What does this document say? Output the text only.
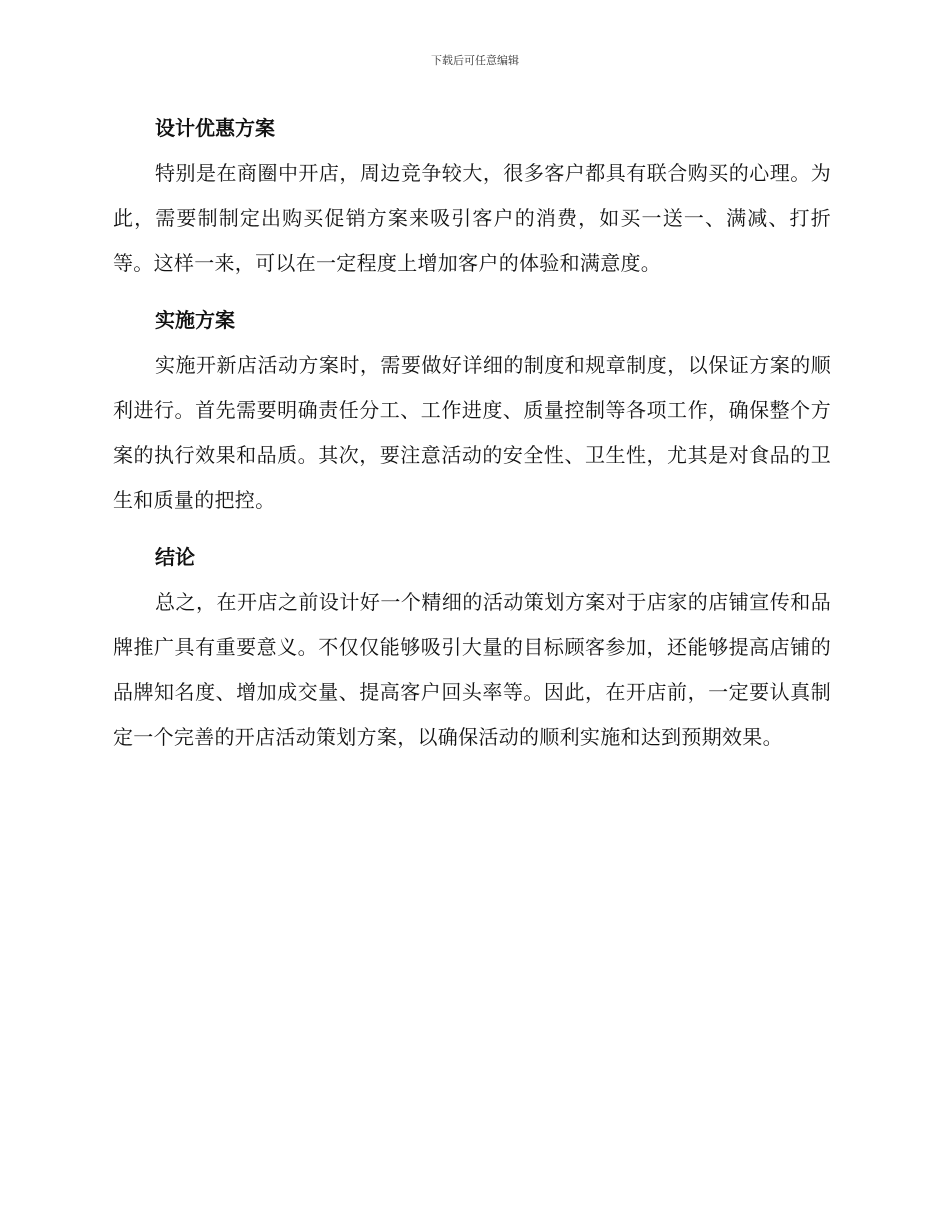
下载后可任意编辑
设计优惠方案

特别是在商圈中开店，周边竞争较大，很多客户都具有联合购买的心理。为此，需要制制定出购买促销方案来吸引客户的消费，如买一送一、满减、打折等。这样一来，可以在一定程度上增加客户的体验和满意度。

实施方案

实施开新店活动方案时，需要做好详细的制度和规章制度，以保证方案的顺利进行。首先需要明确责任分工、工作进度、质量控制等各项工作，确保整个方案的执行效果和品质。其次，要注意活动的安全性、卫生性，尤其是对食品的卫生和质量的把控。

结论

总之，在开店之前设计好一个精细的活动策划方案对于店家的店铺宣传和品牌推广具有重要意义。不仅仅能够吸引大量的目标顾客参加，还能够提高店铺的品牌知名度、增加成交量、提高客户回头率等。因此，在开店前，一定要认真制定一个完善的开店活动策划方案，以确保活动的顺利实施和达到预期效果。
